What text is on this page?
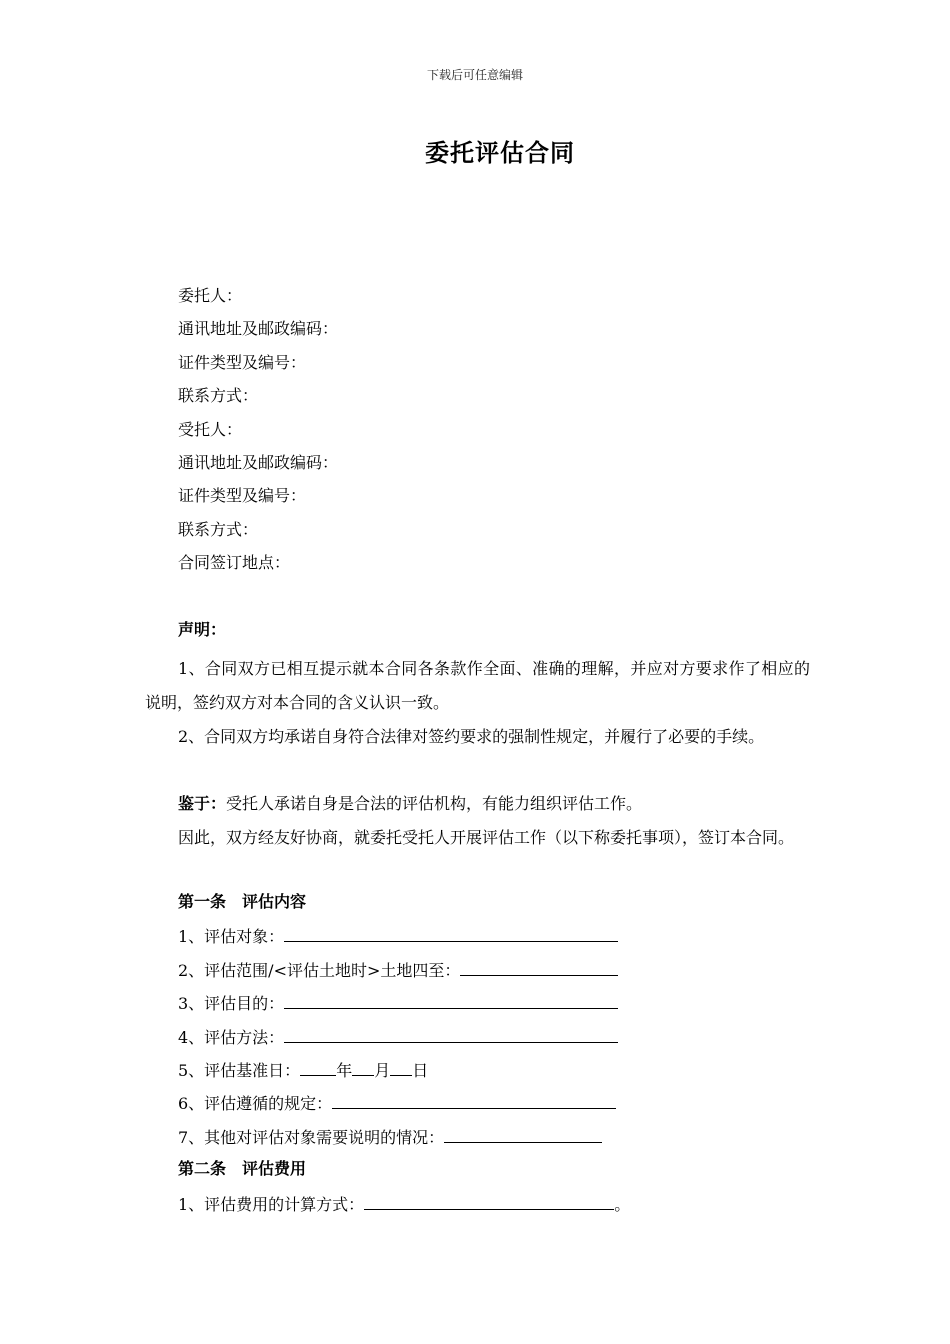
下载后可任意编辑
委托评估合同
委托人：
通讯地址及邮政编码：
证件类型及编号：
联系方式：
受托人：
通讯地址及邮政编码：
证件类型及编号：
联系方式：
合同签订地点：
声明：

1、合同双方已相互提示就本合同各条款作全面、准确的理解，并应对方要求作了相应的说明，签约双方对本合同的含义认识一致。

2、合同双方均承诺自身符合法律对签约要求的强制性规定，并履行了必要的手续。

鉴于：受托人承诺自身是合法的评估机构，有能力组织评估工作。

因此，双方经友好协商，就委托受托人开展评估工作（以下称委托事项），签订本合同。

第一条 评估内容
1、评估对象：
2、评估范围/<评估土地时>土地四至：
3、评估目的：
4、评估方法：
5、评估基准日： 年 月 日
6、评估遵循的规定：
7、其他对评估对象需要说明的情况：
第二条 评估费用
1、评估费用的计算方式：	。
